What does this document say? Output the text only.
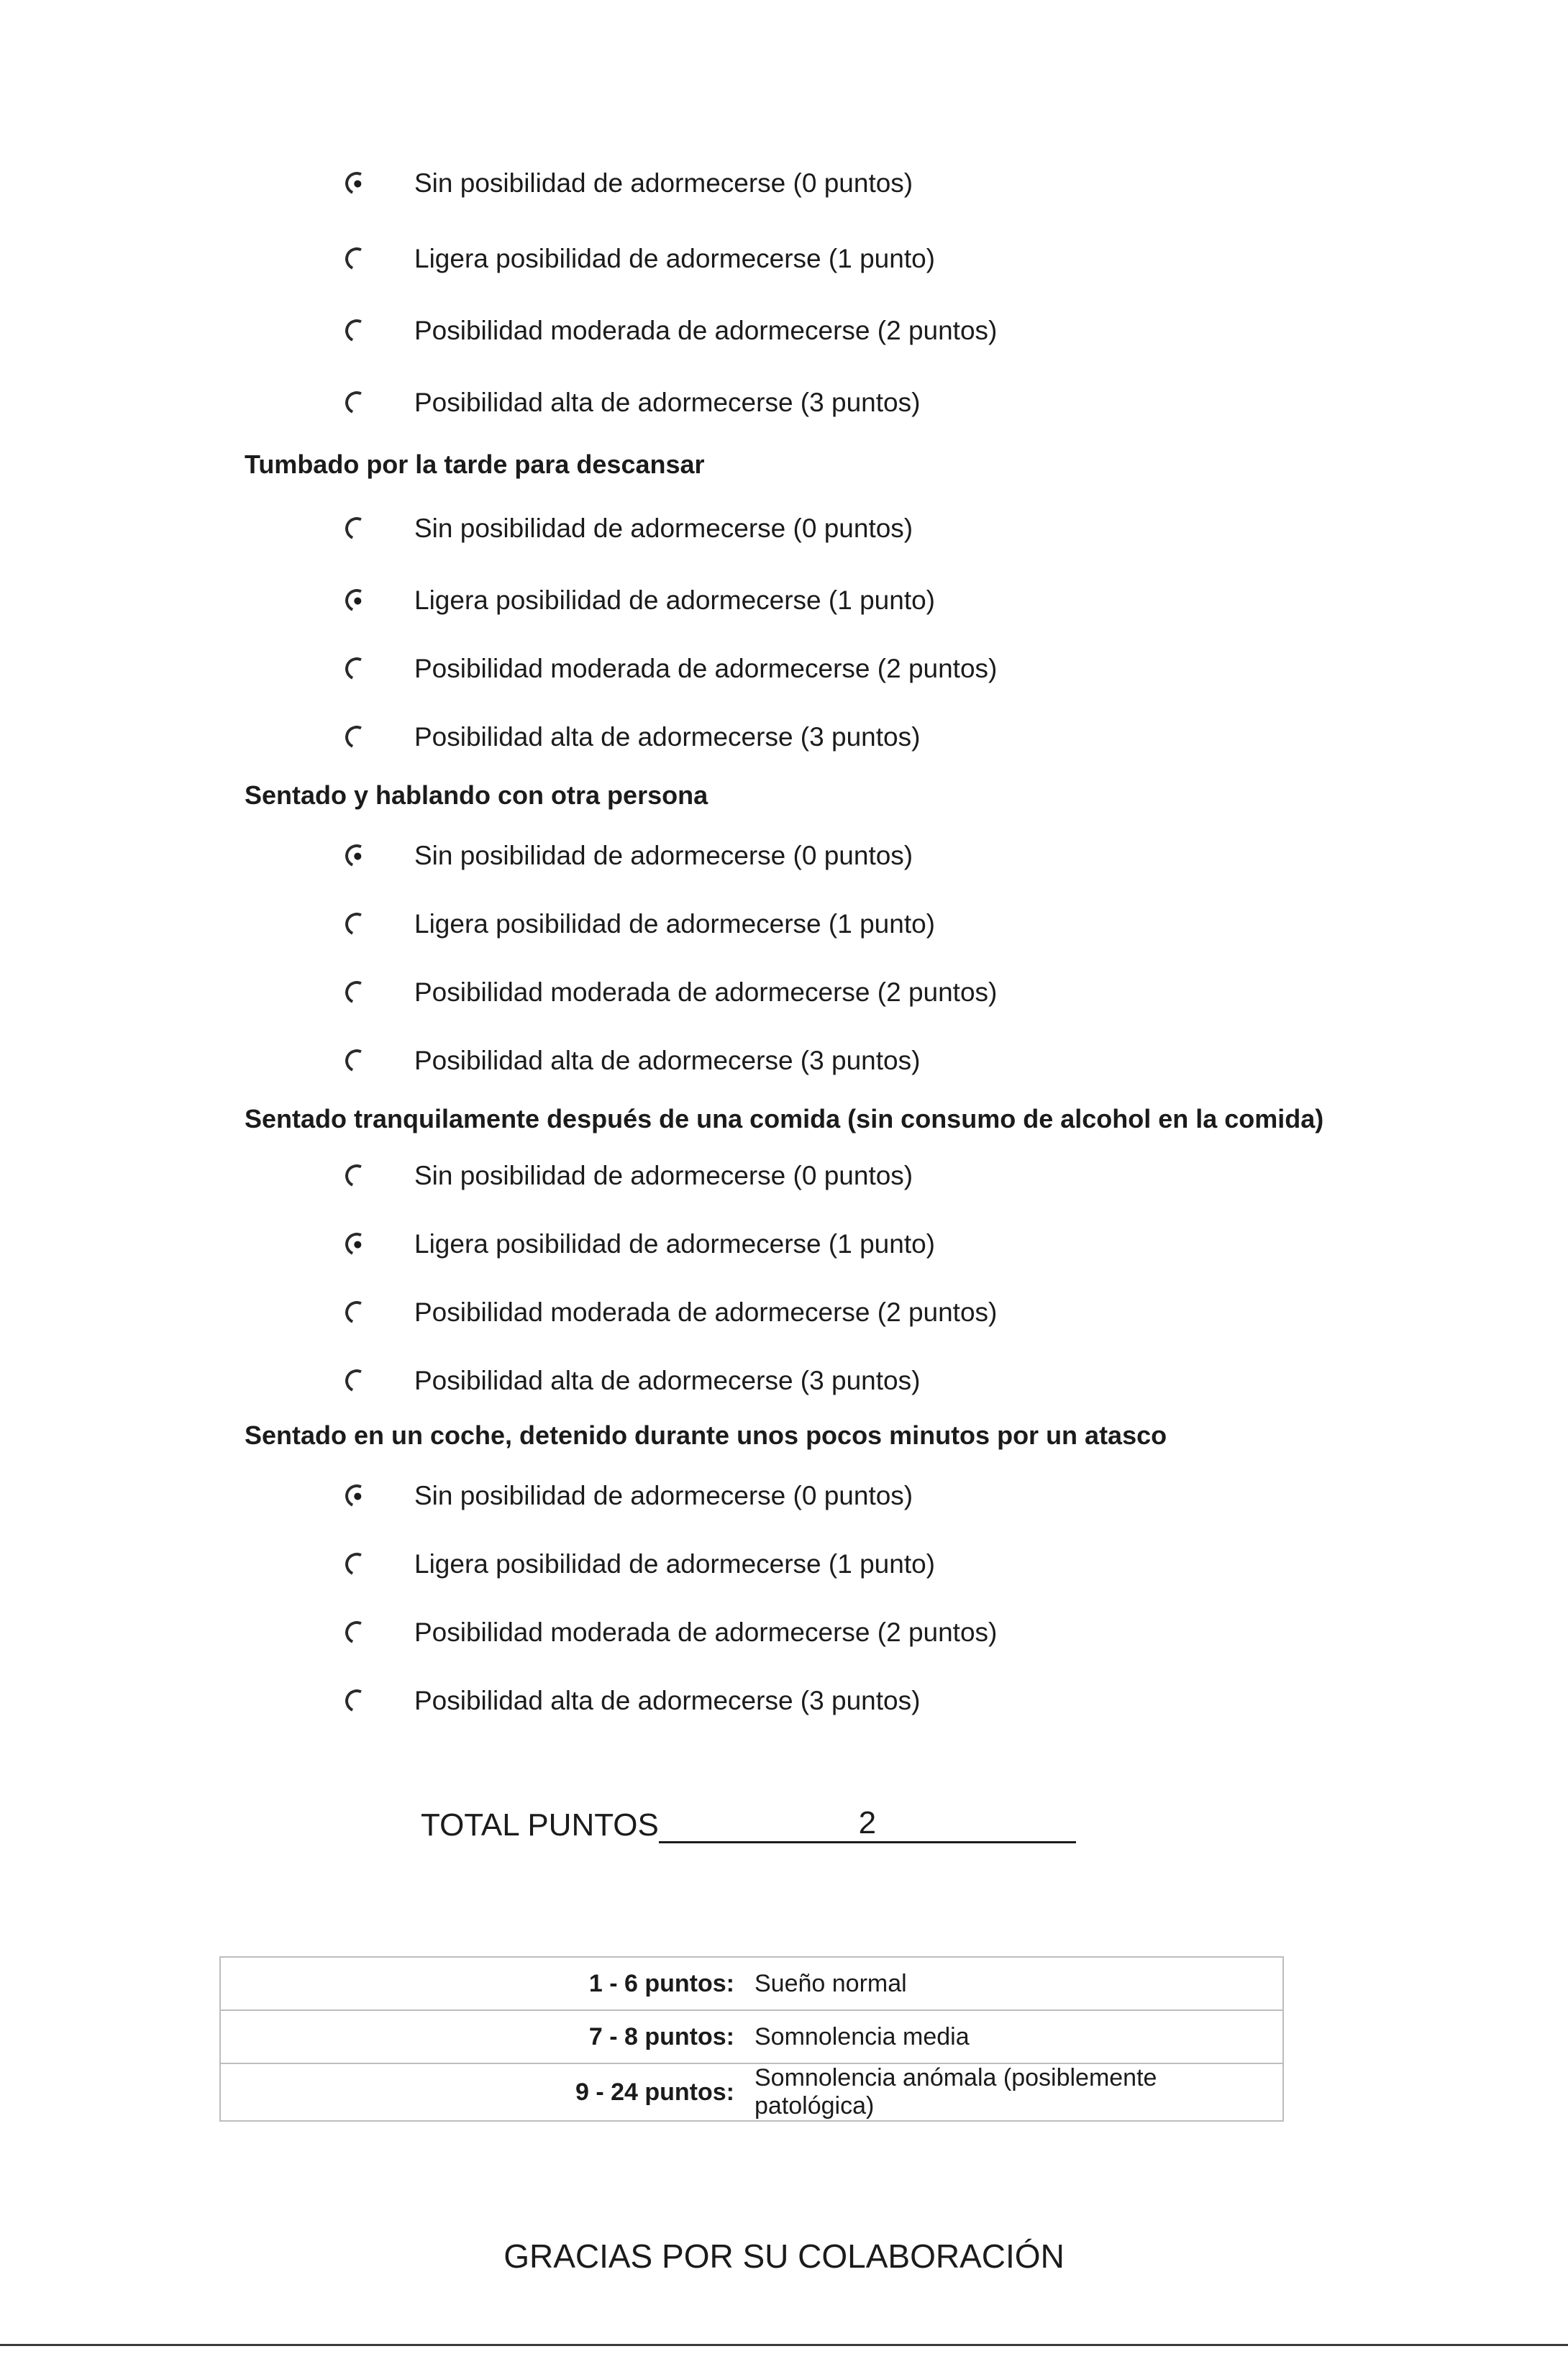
Sin posibilidad de adormecerse (0 puntos)
Ligera posibilidad de adormecerse (1 punto)
Posibilidad moderada de adormecerse (2 puntos)
Posibilidad alta de adormecerse (3 puntos)
Tumbado por la tarde para descansar
Sin posibilidad de adormecerse (0 puntos)
Ligera posibilidad de adormecerse (1 punto)
Posibilidad moderada de adormecerse (2 puntos)
Posibilidad alta de adormecerse (3 puntos)
Sentado y hablando con otra persona
Sin posibilidad de adormecerse (0 puntos)
Ligera posibilidad de adormecerse (1 punto)
Posibilidad moderada de adormecerse (2 puntos)
Posibilidad alta de adormecerse (3 puntos)
Sentado tranquilamente después de una comida (sin consumo de alcohol en la comida)
Sin posibilidad de adormecerse (0 puntos)
Ligera posibilidad de adormecerse (1 punto)
Posibilidad moderada de adormecerse (2 puntos)
Posibilidad alta de adormecerse (3 puntos)
Sentado en un coche, detenido durante unos pocos minutos por un atasco
Sin posibilidad de adormecerse (0 puntos)
Ligera posibilidad de adormecerse (1 punto)
Posibilidad moderada de adormecerse (2 puntos)
Posibilidad alta de adormecerse (3 puntos)
TOTAL PUNTOS	2
1 - 6 puntos:	Sueño normal
7 - 8 puntos:	Somnolencia media
9 - 24 puntos:	Somnolencia anómala (posiblemente patológica)
GRACIAS POR SU COLABORACIÓN
